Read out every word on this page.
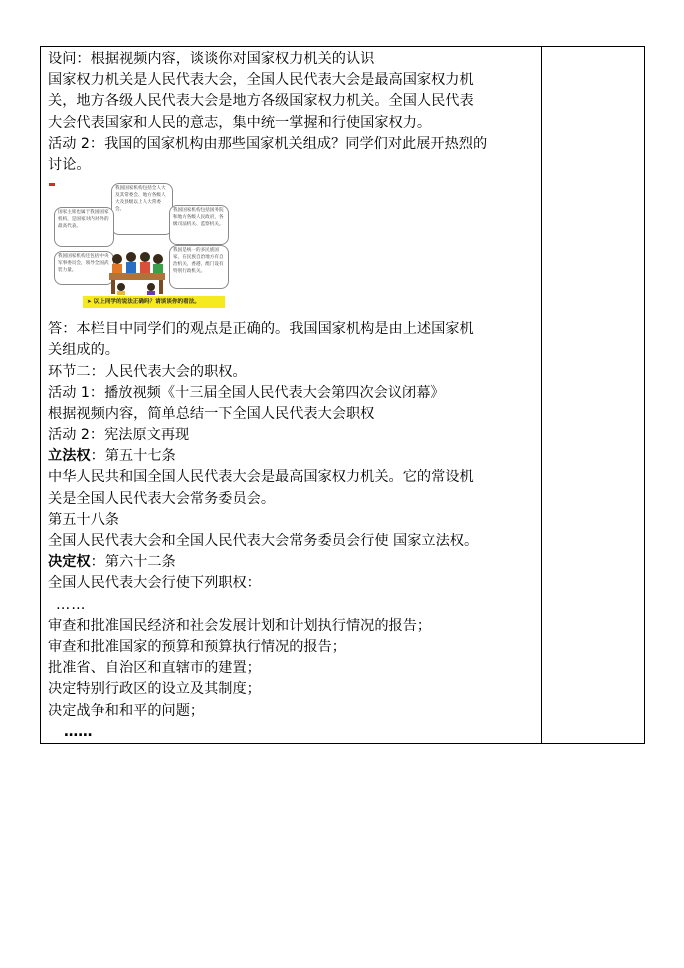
设问：根据视频内容，谈谈你对国家权力机关的认识
国家权力机关是人民代表大会，全国人民代表大会是最高国家权力机
关，地方各级人民代表大会是地方各级国家权力机关。全国人民代表
大会代表国家和人民的意志，集中统一掌握和行使国家权力。
活动 2：我国的国家机构由那些国家机关组成？同学们对此展开热烈的
讨论。
我国国家机构包括全人大及其常委会、地方各级人大及县级以上人大常委会。
国家主席也属于我国国家机构，是国家对内对外的最高代表。
我国国家机构还包括中央军事委员会，领导全国武装力量。
我国国家机构包括国务院和地方各级人民政府，各级司法机关、监察机关。
我国是统一的多民族国家，在民族自治地方有自治机关，香港、澳门设有特别行政机关。
➤ 以上同学的说法正确吗？请谈谈你的看法。
答：本栏目中同学们的观点是正确的。我国国家机构是由上述国家机
关组成的。
环节二：人民代表大会的职权。
活动 1：播放视频《十三届全国人民代表大会第四次会议闭幕》
根据视频内容，简单总结一下全国人民代表大会职权
活动 2：宪法原文再现
立法权：第五十七条
中华人民共和国全国人民代表大会是最高国家权力机关。它的常设机
关是全国人民代表大会常务委员会。
第五十八条
全国人民代表大会和全国人民代表大会常务委员会行使 国家立法权。
决定权：第六十二条
全国人民代表大会行使下列职权：
……
审查和批准国民经济和社会发展计划和计划执行情况的报告；
审查和批准国家的预算和预算执行情况的报告；
批准省、自治区和直辖市的建置；
决定特别行政区的设立及其制度；
决定战争和和平的问题；
……
